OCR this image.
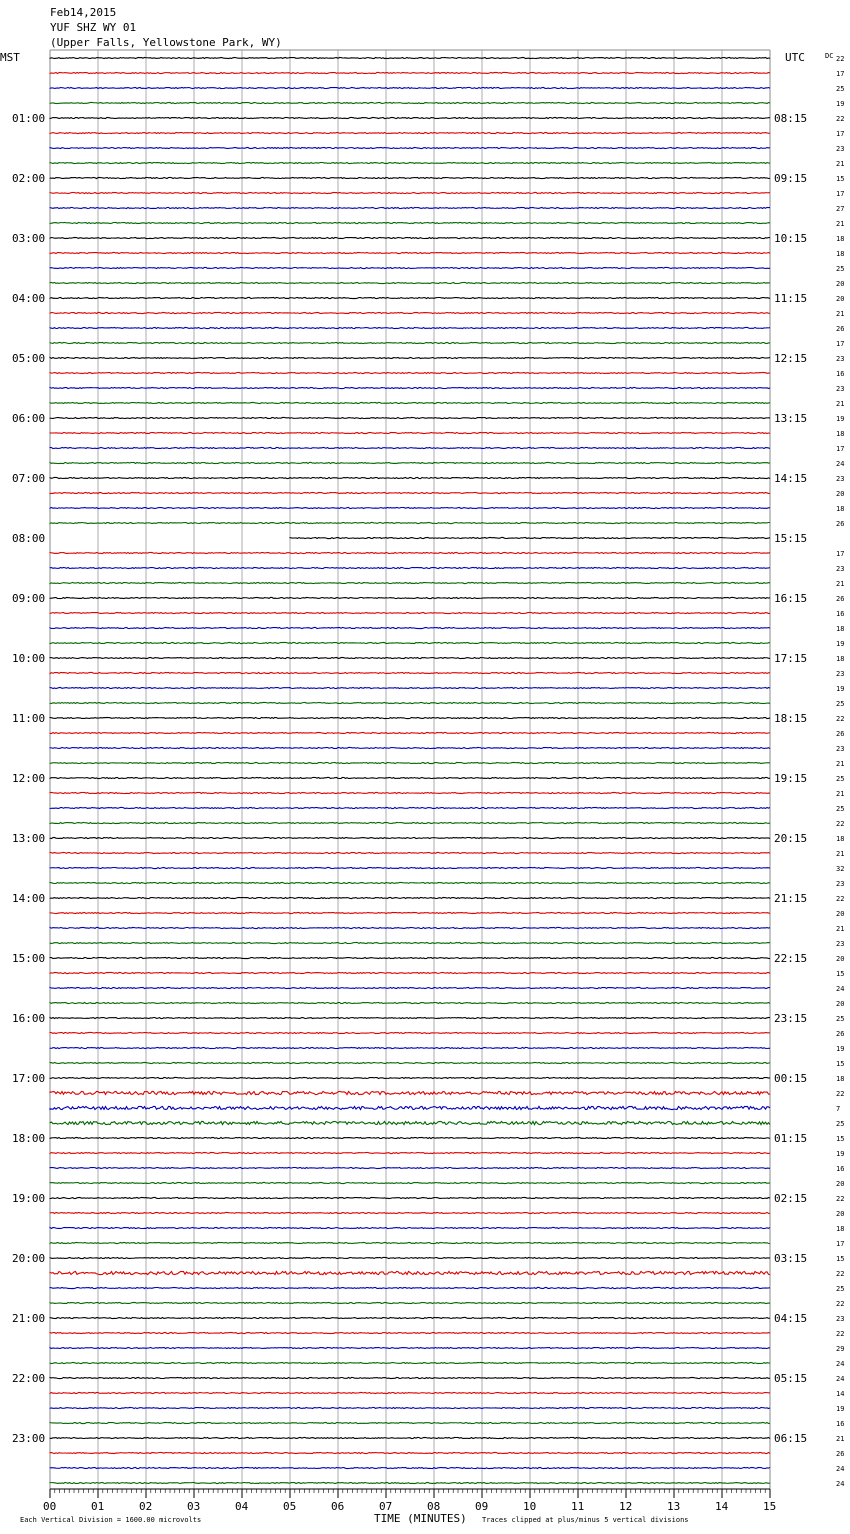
Feb14,2015
YUF SHZ WY 01
(Upper Falls, Yellowstone Park, WY)
MST	UTC	DC 22
17
25
19
22
17
23
21
15
17
27
21
18
18
25
20
20
21
26
17
23
16
23
21
19
18
17
24
23
20
18
26
17
23
21
26
16
18
19
18
23
19
25
22
26
23
21
25
21
25
22
18
21
32
23
22
20
21
23
20
15
24
20
25
26
19
15
18
22
7
25
15
19
16
20
22
20
18
17
15
22
25
22
23
22
29
24
24
14
19
16
21
26
24
24
01:00
02:00
03:00
04:00
05:00
06:00
07:00
08:00
09:00
10:00
11:00
12:00
13:00
14:00
15:00
16:00
17:00
18:00
19:00
20:00
21:00
22:00
23:00
08:15
09:15
10:15
11:15
12:15
13:15
14:15
15:15
16:15
17:15
18:15
19:15
20:15
21:15
22:15
23:15
00:15
01:15
02:15
03:15
04:15
05:15
06:15
00	01	02	03	04	05	06	07	08	09	10	11	12	13	14	15
Each Vertical Division = 1600.00 microvolts	TIME (MINUTES) Traces clipped at plus/minus 5 vertical divisions
